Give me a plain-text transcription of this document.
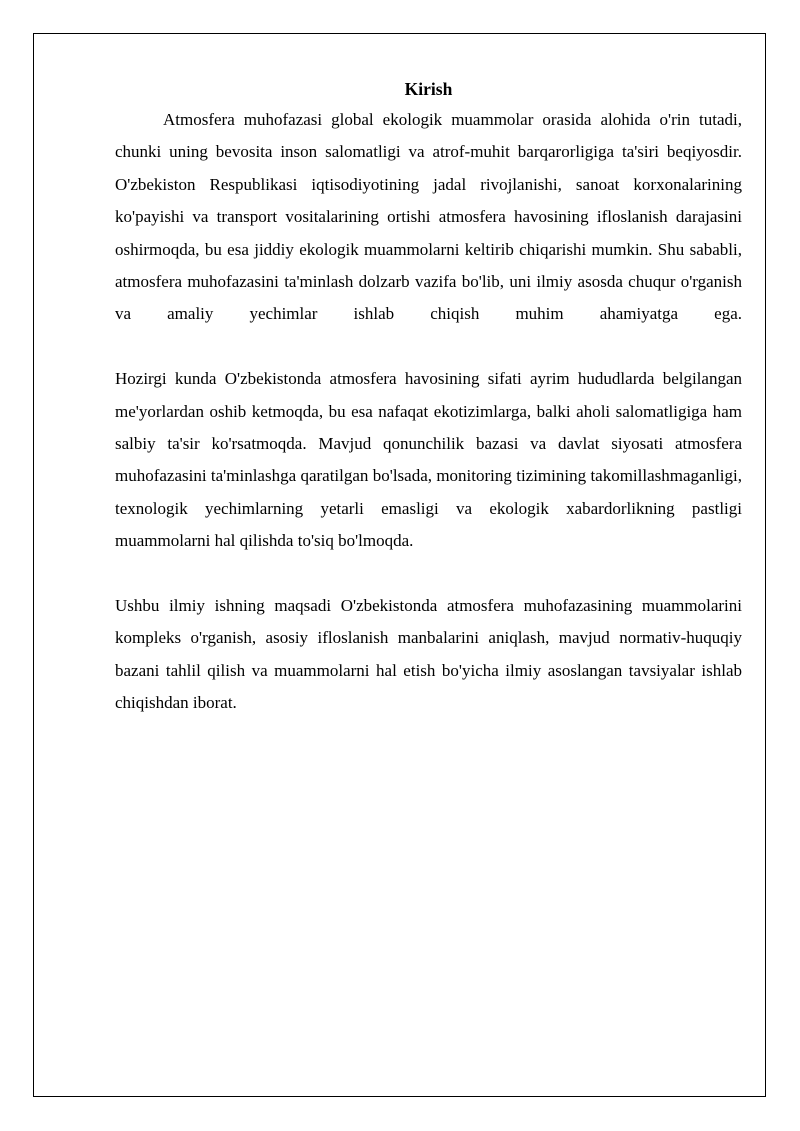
Kirish

Atmosfera muhofazasi global ekologik muammolar orasida alohida o'rin tutadi, chunki uning bevosita inson salomatligi va atrof-muhit barqarorligiga ta'siri beqiyosdir. O'zbekiston Respublikasi iqtisodiyotining jadal rivojlanishi, sanoat korxonalarining ko'payishi va transport vositalarining ortishi atmosfera havosining ifloslanish darajasini oshirmoqda, bu esa jiddiy ekologik muammolarni keltirib chiqarishi mumkin. Shu sababli, atmosfera muhofazasini ta'minlash dolzarb vazifa bo'lib, uni ilmiy asosda chuqur o'rganish va amaliy yechimlar ishlab chiqish muhim ahamiyatga ega.

Hozirgi kunda O'zbekistonda atmosfera havosining sifati ayrim hududlarda belgilangan me'yorlardan oshib ketmoqda, bu esa nafaqat ekotizimlarga, balki aholi salomatligiga ham salbiy ta'sir ko'rsatmoqda. Mavjud qonunchilik bazasi va davlat siyosati atmosfera muhofazasini ta'minlashga qaratilgan bo'lsada, monitoring tizimining takomillashmaganligi, texnologik yechimlarning yetarli emasligi va ekologik xabardorlikning pastligi muammolarni hal qilishda to'siq bo'lmoqda.

Ushbu ilmiy ishning maqsadi O'zbekistonda atmosfera muhofazasining muammolarini kompleks o'rganish, asosiy ifloslanish manbalarini aniqlash, mavjud normativ-huquqiy bazani tahlil qilish va muammolarni hal etish bo'yicha ilmiy asoslangan tavsiyalar ishlab chiqishdan iborat.
